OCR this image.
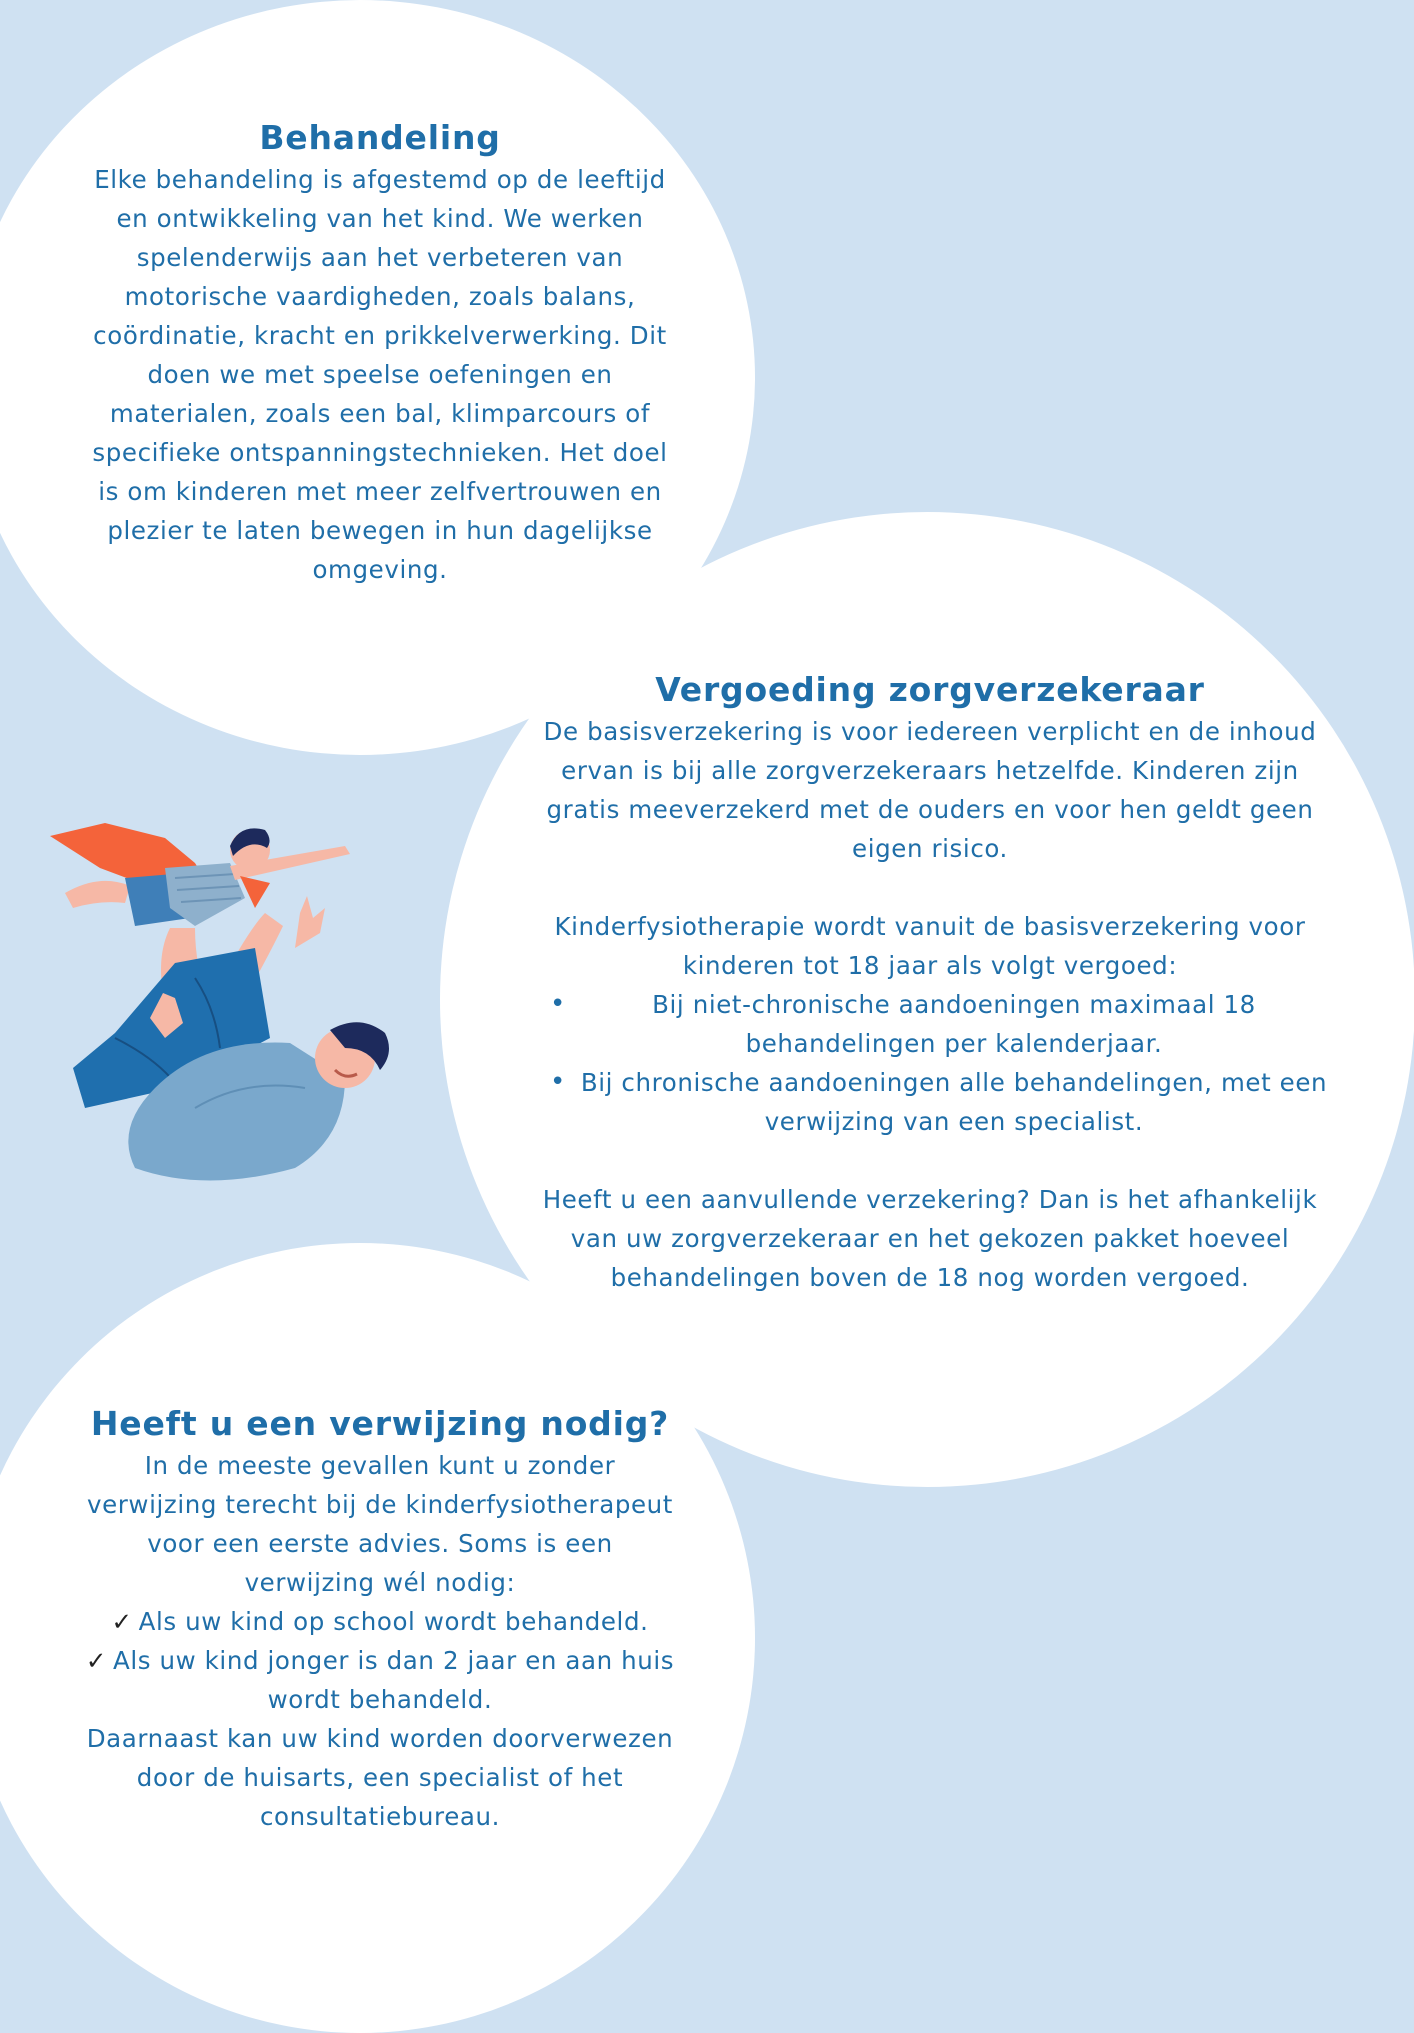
Behandeling

Elke behandeling is afgestemd op de leeftijd en ontwikkeling van het kind. We werken spelenderwijs aan het verbeteren van motorische vaardigheden, zoals balans, coördinatie, kracht en prikkelverwerking. Dit doen we met speelse oefeningen en materialen, zoals een bal, klimparcours of specifieke ontspanningstechnieken. Het doel is om kinderen met meer zelfvertrouwen en plezier te laten bewegen in hun dagelijkse omgeving.

Vergoeding zorgverzekeraar

De basisverzekering is voor iedereen verplicht en de inhoud ervan is bij alle zorgverzekeraars hetzelfde. Kinderen zijn gratis meeverzekerd met de ouders en voor hen geldt geen eigen risico.

Kinderfysiotherapie wordt vanuit de basisverzekering voor kinderen tot 18 jaar als volgt vergoed:

•	Bij niet-chronische aandoeningen maximaal 18 behandelingen per kalenderjaar.
• Bij chronische aandoeningen alle behandelingen, met een verwijzing van een specialist.

Heeft u een aanvullende verzekering? Dan is het afhankelijk van uw zorgverzekeraar en het gekozen pakket hoeveel behandelingen boven de 18 nog worden vergoed.

Heeft u een verwijzing nodig?

In de meeste gevallen kunt u zonder verwijzing terecht bij de kinderfysiotherapeut voor een eerste advies. Soms is een verwijzing wél nodig:

✓ Als uw kind op school wordt behandeld.

✓ Als uw kind jonger is dan 2 jaar en aan huis wordt behandeld.

Daarnaast kan uw kind worden doorverwezen door de huisarts, een specialist of het consultatiebureau.
